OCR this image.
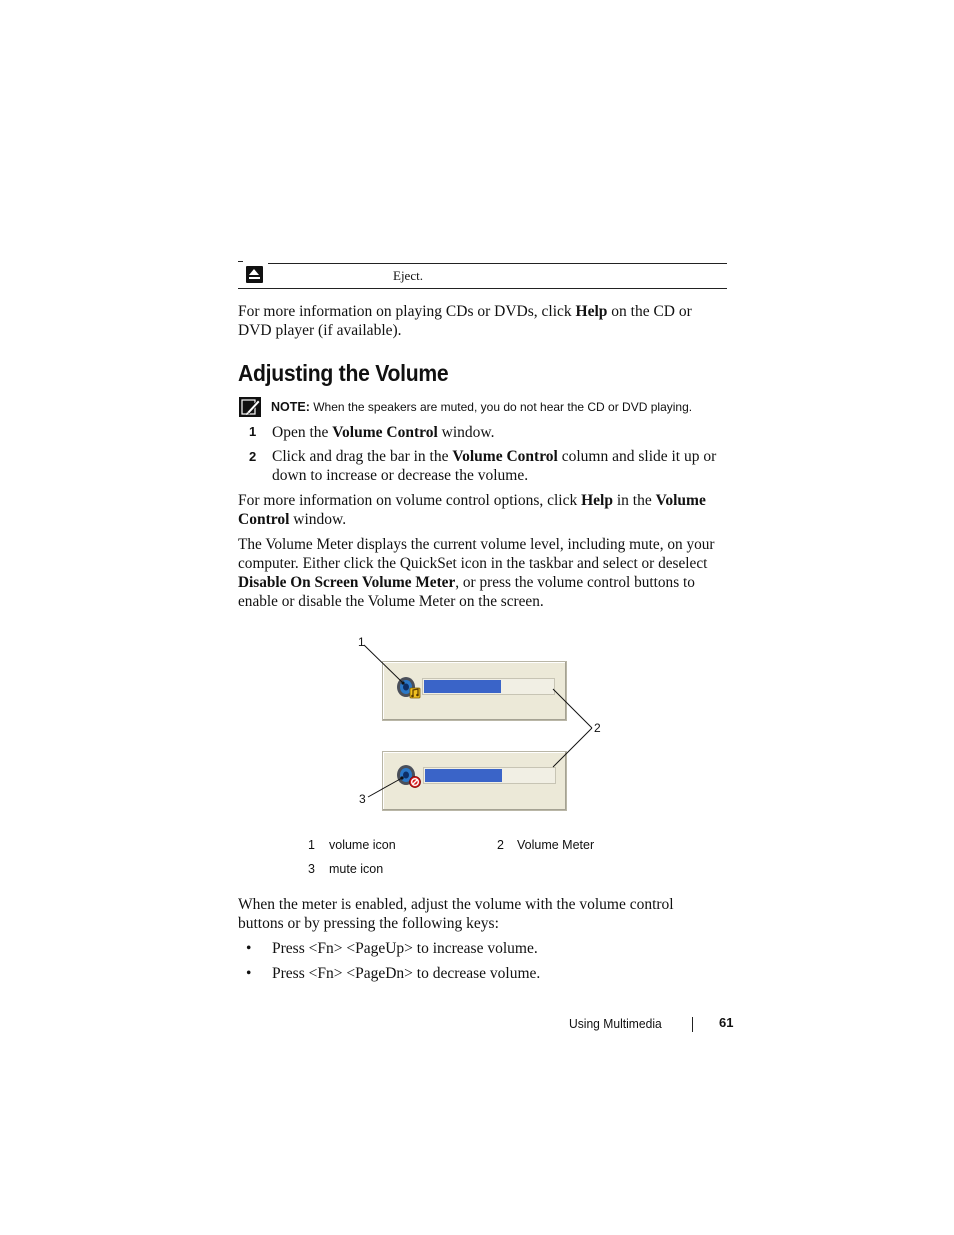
Eject.

For more information on playing CDs or DVDs, click Help on the CD or
DVD player (if available).

Adjusting the Volume
NOTE: When the speakers are muted, you do not hear the CD or DVD playing.
1 Open the Volume Control window.

2 Click and drag the bar in the Volume Control column and slide it up or
down to increase or decrease the volume.

For more information on volume control options, click Help in the Volume
Control window.

The Volume Meter displays the current volume level, including mute, on your
computer. Either click the QuickSet icon in the taskbar and select or deselect
Disable On Screen Volume Meter, or press the volume control buttons to
enable or disable the Volume Meter on the screen.

1
2
3
1 volume icon	2 Volume Meter
3 mute icon

When the meter is enabled, adjust the volume with the volume control
buttons or by pressing the following keys:

• Press <Fn> <PageUp> to increase volume.

• Press <Fn> <PageDn> to decrease volume.

Using Multimedia	61
